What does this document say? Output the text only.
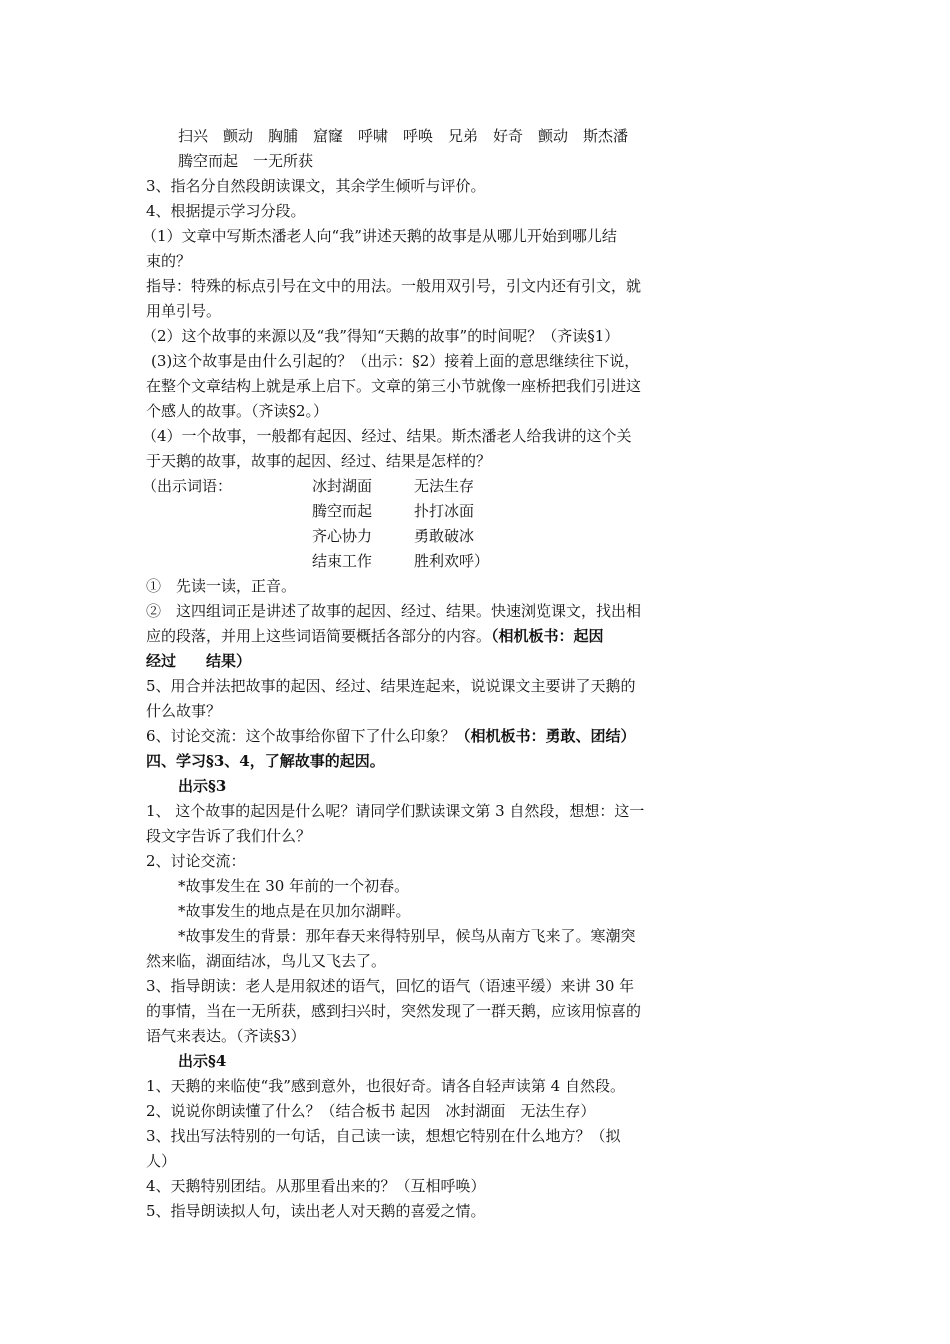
扫兴　颤动　胸脯　窟窿　呼啸　呼唤　兄弟　好奇　颤动　斯杰潘
腾空而起　一无所获
3、指名分自然段朗读课文，其余学生倾听与评价。
4、根据提示学习分段。
（1）文章中写斯杰潘老人向“我”讲述天鹅的故事是从哪儿开始到哪儿结
束的？
指导：特殊的标点引号在文中的用法。一般用双引号，引文内还有引文，就
用单引号。
（2）这个故事的来源以及“我”得知“天鹅的故事”的时间呢？（齐读§1）
(3)这个故事是由什么引起的？（出示：§2）接着上面的意思继续往下说，
在整个文章结构上就是承上启下。文章的第三小节就像一座桥把我们引进这
个感人的故事。（齐读§2。）
（4）一个故事，一般都有起因、经过、结果。斯杰潘老人给我讲的这个关
于天鹅的故事，故事的起因、经过、结果是怎样的？
（出示词语：	冰封湖面	无法生存
腾空而起	扑打冰面
齐心协力	勇敢破冰
结束工作	胜利欢呼）
①　先读一读，正音。
②　这四组词正是讲述了故事的起因、经过、结果。快速浏览课文，找出相
应的段落，并用上这些词语简要概括各部分的内容。（相机板书：起因
经过　　结果）
5、用合并法把故事的起因、经过、结果连起来，说说课文主要讲了天鹅的
什么故事？
6、讨论交流：这个故事给你留下了什么印象？（相机板书：勇敢、团结）
四、学习§3、4，了解故事的起因。
出示§3
1、 这个故事的起因是什么呢？请同学们默读课文第 3 自然段，想想：这一
段文字告诉了我们什么？
2、讨论交流：
*故事发生在 30 年前的一个初春。
*故事发生的地点是在贝加尔湖畔。
*故事发生的背景：那年春天来得特别早，候鸟从南方飞来了。寒潮突
然来临，湖面结冰，鸟儿又飞去了。
3、指导朗读：老人是用叙述的语气，回忆的语气（语速平缓）来讲 30 年
的事情，当在一无所获，感到扫兴时，突然发现了一群天鹅，应该用惊喜的
语气来表达。（齐读§3）
出示§4
1、天鹅的来临使“我”感到意外，也很好奇。请各自轻声读第 4 自然段。
2、说说你朗读懂了什么？（结合板书 起因　冰封湖面　无法生存）
3、找出写法特别的一句话，自己读一读，想想它特别在什么地方？（拟
人）
4、天鹅特别团结。从那里看出来的？（互相呼唤）
5、指导朗读拟人句，读出老人对天鹅的喜爱之情。
